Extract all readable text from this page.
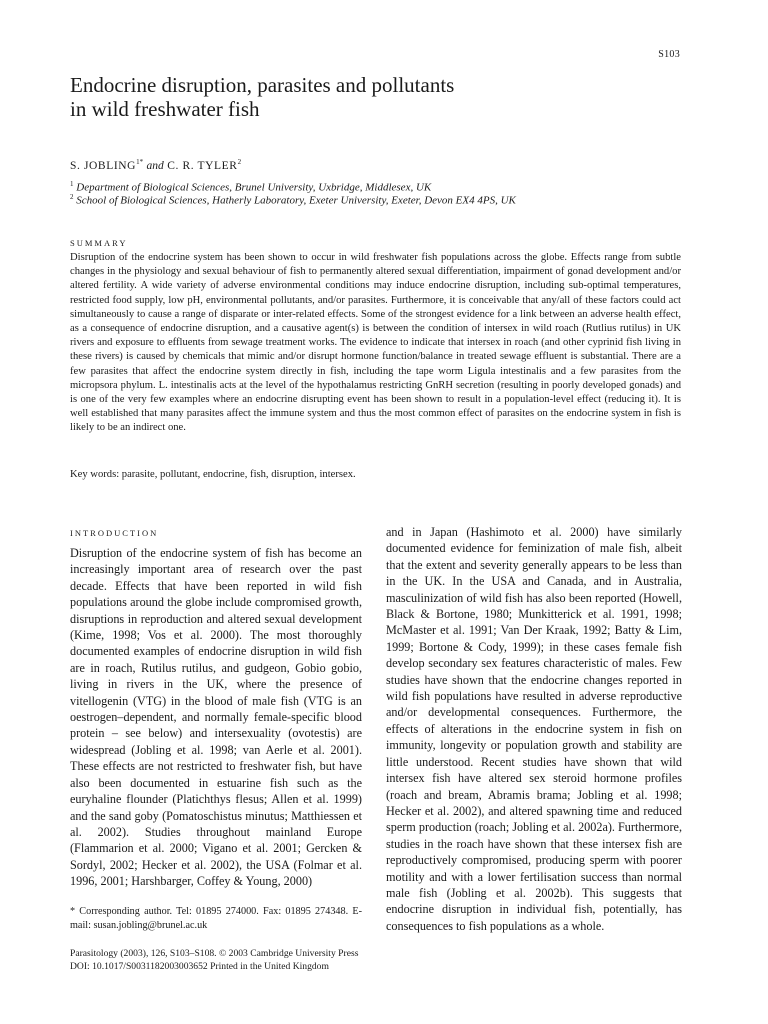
S103
Endocrine disruption, parasites and pollutants
in wild freshwater fish
S. $JOBLING^{1*}$ and C. R. TYLER$^2$
$^1$ Department of Biological Sciences, Brunel University, Uxbridge, Middlesex, UK
$^2$ School of Biological Sciences, Hatherly Laboratory, Exeter University, Exeter, Devon EX4 4PS, UK
SUMMARY

Disruption of the endocrine system has been shown to occur in wild freshwater fish populations across the globe. Effects range from subtle changes in the physiology and sexual behaviour of fish to permanently altered sexual differentiation, impairment of gonad development and/or altered fertility. A wide variety of adverse environmental conditions may induce endocrine disruption, including sub-optimal temperatures, restricted food supply, low pH, environmental pollutants, and/or parasites. Furthermore, it is conceivable that any/all of these factors could act simultaneously to cause a range of disparate or inter-related effects. Some of the strongest evidence for a link between an adverse health effect, as a consequence of endocrine disruption, and a causative agent(s) is between the condition of intersex in wild roach (Rutlius rutilus) in UK rivers and exposure to effluents from sewage treatment works. The evidence to indicate that intersex in roach (and other cyprinid fish living in these rivers) is caused by chemicals that mimic and/or disrupt hormone function/balance in treated sewage effluent is substantial. There are a few parasites that affect the endocrine system directly in fish, including the tape worm Ligula intestinalis and a few parasites from the micropsora phylum. L. intestinalis acts at the level of the hypothalamus restricting GnRH secretion (resulting in poorly developed gonads) and is one of the very few examples where an endocrine disrupting event has been shown to result in a population-level effect (reducing it). It is well established that many parasites affect the immune system and thus the most common effect of parasites on the endocrine system in fish is likely to be an indirect one.

Key words: parasite, pollutant, endocrine, fish, disruption, intersex.

INTRODUCTION

Disruption of the endocrine system of fish has become an increasingly important area of research over the past decade. Effects that have been reported in wild fish populations around the globe include compromised growth, disruptions in reproduction and altered sexual development (Kime, 1998; Vos et al. 2000). The most thoroughly documented examples of endocrine disruption in wild fish are in roach, Rutilus rutilus, and gudgeon, Gobio gobio, living in rivers in the UK, where the presence of vitellogenin (VTG) in the blood of male fish (VTG is an oestrogen–dependent, and normally female-specific blood protein – see below) and intersexuality (ovotestis) are widespread (Jobling et al. 1998; van Aerle et al. 2001). These effects are not restricted to freshwater fish, but have also been documented in estuarine fish such as the euryhaline flounder (Platichthys flesus; Allen et al. 1999) and the sand goby (Pomatoschistus minutus; Matthiessen et al. 2002). Studies throughout mainland Europe (Flammarion et al. 2000; Vigano et al. 2001; Gercken & Sordyl, 2002; Hecker et al. 2002), the USA (Folmar et al. 1996, 2001; Harshbarger, Coffey & Young, 2000)

and in Japan (Hashimoto et al. 2000) have similarly documented evidence for feminization of male fish, albeit that the extent and severity generally appears to be less than in the UK. In the USA and Canada, and in Australia, masculinization of wild fish has also been reported (Howell, Black & Bortone, 1980; Munkitterick et al. 1991, 1998; McMaster et al. 1991; Van Der Kraak, 1992; Batty & Lim, 1999; Bortone & Cody, 1999); in these cases female fish develop secondary sex features characteristic of males. Few studies have shown that the endocrine changes reported in wild fish populations have resulted in adverse reproductive and/or developmental consequences. Furthermore, the effects of alterations in the endocrine system in fish on immunity, longevity or population growth and stability are little understood. Recent studies have shown that wild intersex fish have altered sex steroid hormone profiles (roach and bream, Abramis brama; Jobling et al. 1998; Hecker et al. 2002), and altered spawning time and reduced sperm production (roach; Jobling et al. 2002a). Furthermore, studies in the roach have shown that these intersex fish are reproductively compromised, producing sperm with poorer motility and with a lower fertilisation success than normal male fish (Jobling et al. 2002b). This suggests that endocrine disruption in individual fish, potentially, has consequences to fish populations as a whole.

* Corresponding author. Tel: 01895 274000. Fax: 01895 274348. E-mail: susan.jobling@brunel.ac.uk

Parasitology (2003), 126, S103–S108. © 2003 Cambridge University Press
DOI: 10.1017/S0031182003003652 Printed in the United Kingdom
